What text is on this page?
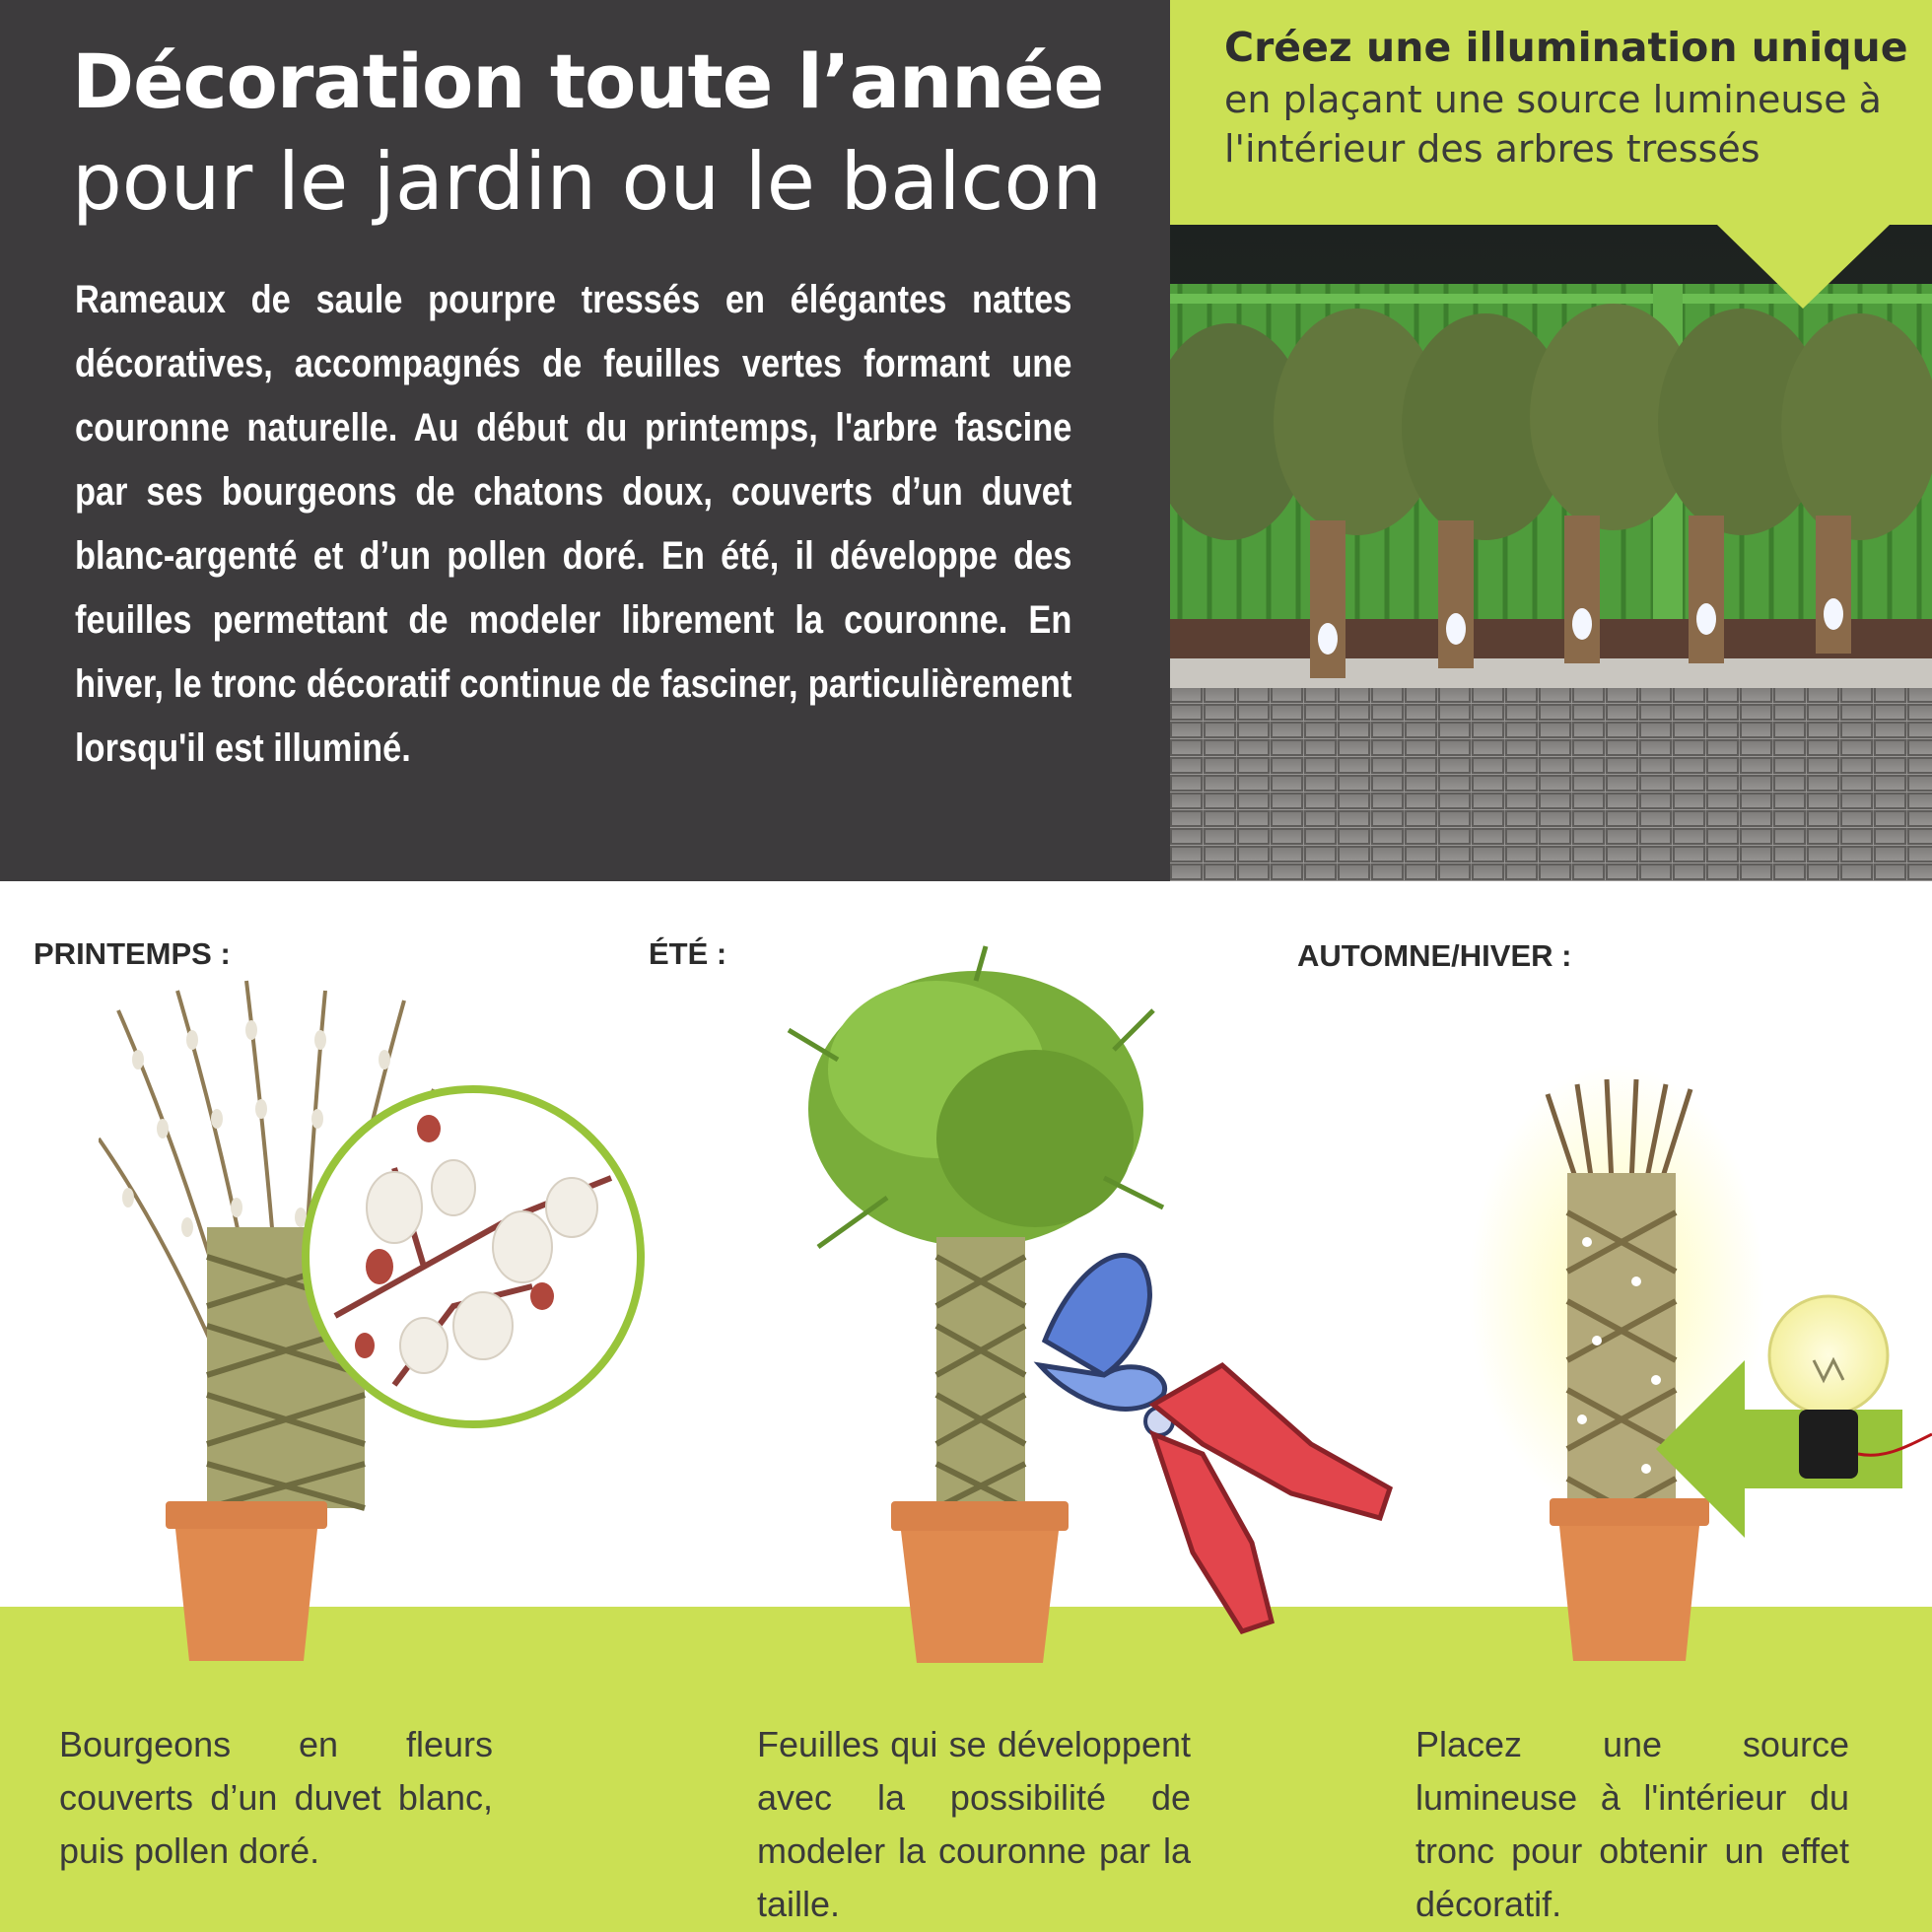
Décoration toute l’année
pour le jardin ou le balcon
Rameaux de saule pourpre tressés en élégantes nattes décoratives, accompagnés de feuilles vertes formant une couronne naturelle. Au début du printemps, l'arbre fascine par ses bourgeons de chatons doux, couverts d’un duvet blanc-argenté et d’un pollen doré. En été, il développe des feuilles permettant de modeler librement la couronne. En hiver, le tronc décoratif continue de fasciner, particulièrement lorsqu'il est illuminé.
Créez une illumination unique
en plaçant une source lumineuse à l'intérieur des arbres tressés
PRINTEMPS :	ÉTÉ :	AUTOMNE/HIVER :
Bourgeons en fleurs couverts d’un duvet blanc, puis pollen doré.
Feuilles qui se développent avec la possibilité de modeler la couronne par la taille.
Placez une source lumineuse à l'intérieur du tronc pour obtenir un effet décoratif.
